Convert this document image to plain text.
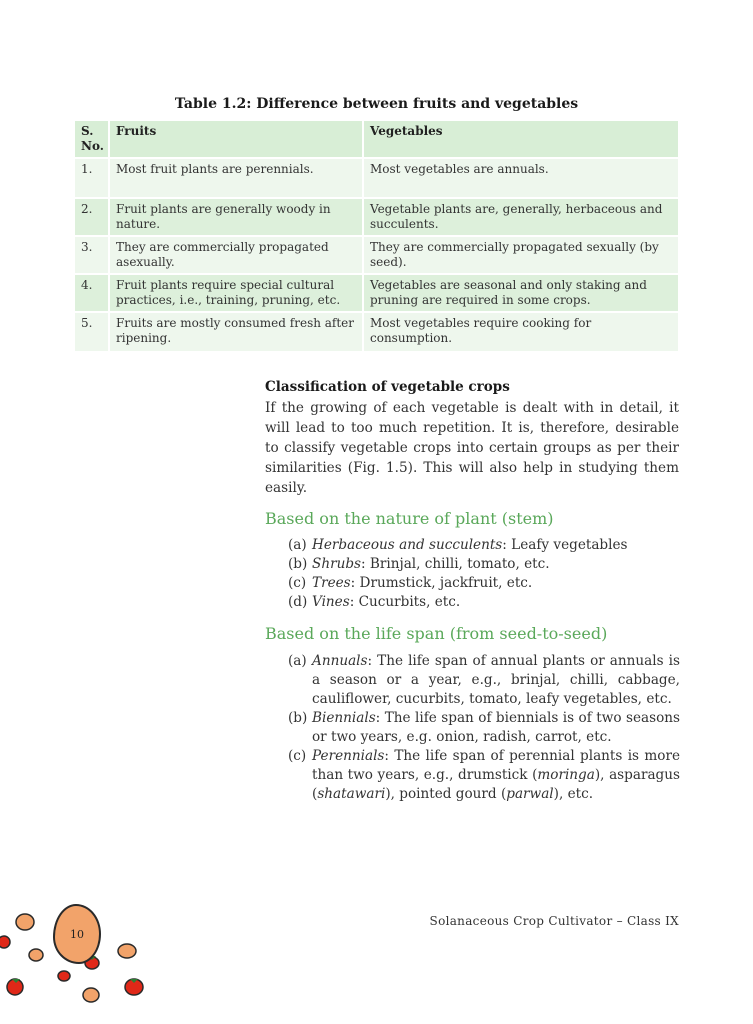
Table 1.2: Difference between fruits and vegetables
S. No.	Fruits	Vegetables
1.	Most fruit plants are perennials.	Most vegetables are annuals.
2.	Fruit plants are generally woody in nature.	Vegetable plants are, generally, herbaceous and succulents.
3.	They are commercially propagated asexually.	They are commercially propagated sexually (by seed).
4.	Fruit plants require special cultural practices, i.e., training, pruning, etc.	Vegetables are seasonal and only staking and pruning are required in some crops.
5.	Fruits are mostly consumed fresh after ripening.	Most vegetables require cooking for consumption.
Classification of vegetable crops
If the growing of each vegetable is dealt with in detail, it will lead to too much repetition. It is, therefore, desirable to classify vegetable crops into certain groups as per their similarities (Fig. 1.5). This will also help in studying them easily.
Based on the nature of plant (stem)
(a) Herbaceous and succulents: Leafy vegetables
(b) Shrubs: Brinjal, chilli, tomato, etc.
(c) Trees: Drumstick, jackfruit, etc.
(d) Vines: Cucurbits, etc.
Based on the life span (from seed-to-seed)
(a) Annuals: The life span of annual plants or annuals is a season or a year, e.g., brinjal, chilli, cabbage, cauliflower, cucurbits, tomato, leafy vegetables, etc.
(b) Biennials: The life span of biennials is of two seasons or two years, e.g. onion, radish, carrot, etc.
(c) Perennials: The life span of perennial plants is more than two years, e.g., drumstick (moringa), asparagus (shatawari), pointed gourd (parwal), etc.
10
Solanaceous Crop Cultivator – Class IX
